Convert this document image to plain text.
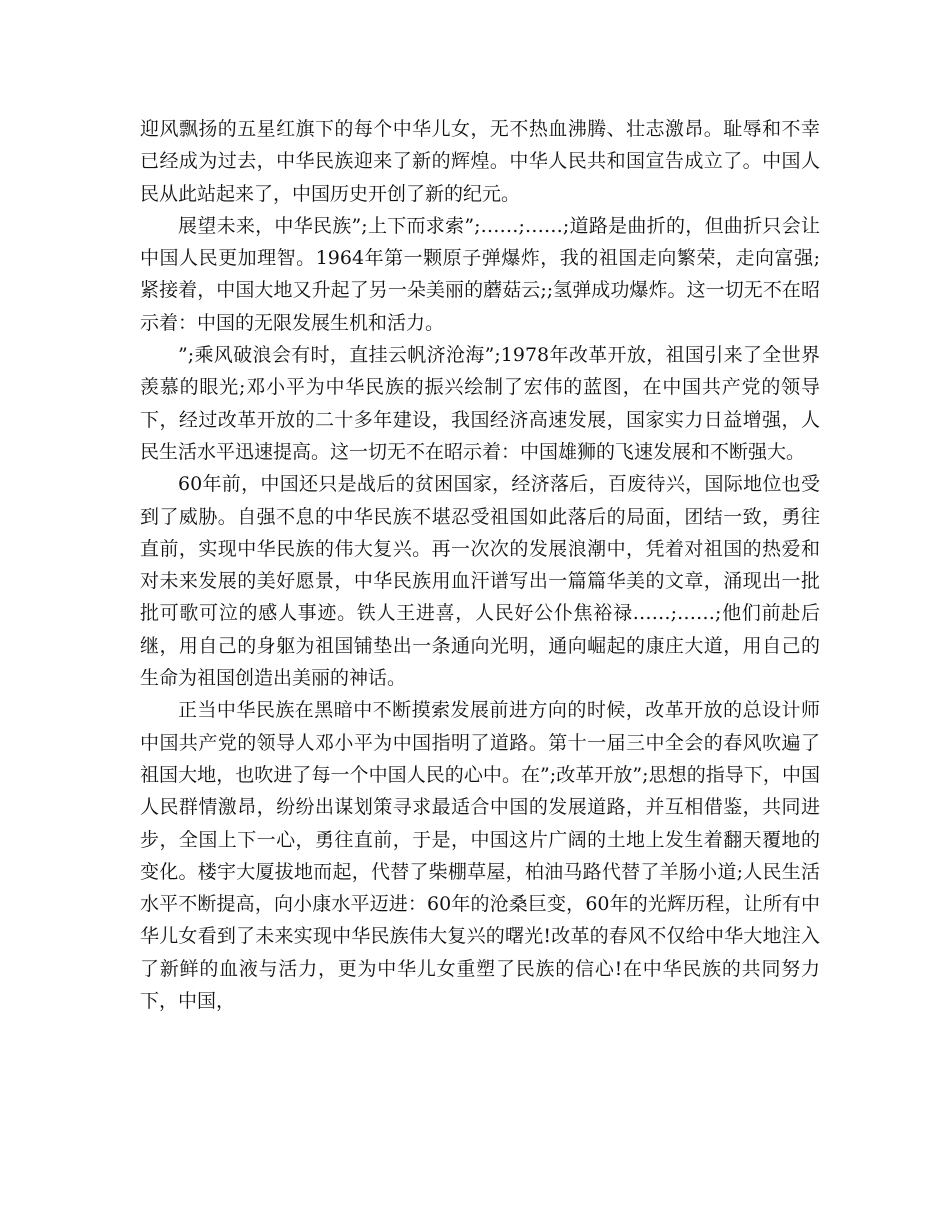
迎风飘扬的五星红旗下的每个中华儿女，无不热血沸腾、壮志激昂。耻辱和不幸已经成为过去，中华民族迎来了新的辉煌。中华人民共和国宣告成立了。中国人民从此站起来了，中国历史开创了新的纪元。

展望未来，中华民族”;上下而求索”;……;……;道路是曲折的，但曲折只会让中国人民更加理智。1964年第一颗原子弹爆炸，我的祖国走向繁荣，走向富强;紧接着，中国大地又升起了另一朵美丽的蘑菇云;;氢弹成功爆炸。这一切无不在昭示着：中国的无限发展生机和活力。

”;乘风破浪会有时，直挂云帆济沧海”;1978年改革开放，祖国引来了全世界羡慕的眼光;邓小平为中华民族的振兴绘制了宏伟的蓝图，在中国共产党的领导下，经过改革开放的二十多年建设，我国经济高速发展，国家实力日益增强，人民生活水平迅速提高。这一切无不在昭示着：中国雄狮的飞速发展和不断强大。

60年前，中国还只是战后的贫困国家，经济落后，百废待兴，国际地位也受到了威胁。自强不息的中华民族不堪忍受祖国如此落后的局面，团结一致，勇往直前，实现中华民族的伟大复兴。再一次次的发展浪潮中，凭着对祖国的热爱和对未来发展的美好愿景，中华民族用血汗谱写出一篇篇华美的文章，涌现出一批批可歌可泣的感人事迹。铁人王进喜，人民好公仆焦裕禄……;……;他们前赴后继，用自己的身躯为祖国铺垫出一条通向光明，通向崛起的康庄大道，用自己的生命为祖国创造出美丽的神话。

正当中华民族在黑暗中不断摸索发展前进方向的时候，改革开放的总设计师中国共产党的领导人邓小平为中国指明了道路。第十一届三中全会的春风吹遍了祖国大地，也吹进了每一个中国人民的心中。在”;改革开放”;思想的指导下，中国人民群情激昂，纷纷出谋划策寻求最适合中国的发展道路，并互相借鉴，共同进步，全国上下一心，勇往直前，于是，中国这片广阔的土地上发生着翻天覆地的变化。楼宇大厦拔地而起，代替了柴棚草屋，柏油马路代替了羊肠小道;人民生活水平不断提高，向小康水平迈进：60年的沧桑巨变，60年的光辉历程，让所有中华儿女看到了未来实现中华民族伟大复兴的曙光!改革的春风不仅给中华大地注入了新鲜的血液与活力，更为中华儿女重塑了民族的信心!在中华民族的共同努力下，中国，
